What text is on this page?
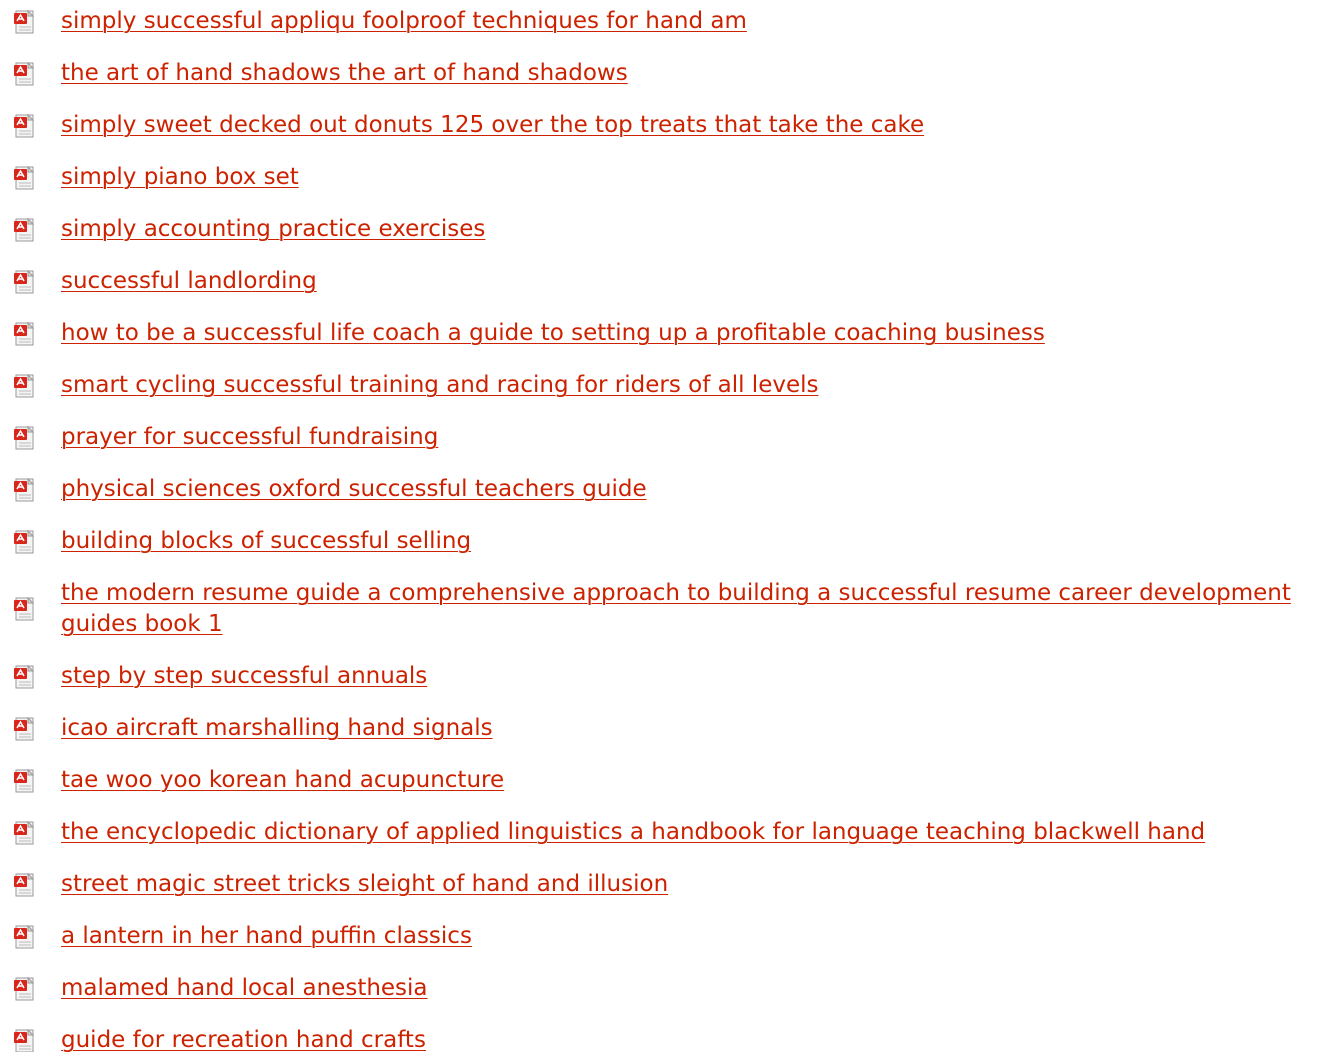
simply successful appliqu foolproof techniques for hand am
the art of hand shadows the art of hand shadows
simply sweet decked out donuts 125 over the top treats that take the cake
simply piano box set
simply accounting practice exercises
successful landlording
how to be a successful life coach a guide to setting up a profitable coaching business
smart cycling successful training and racing for riders of all levels
prayer for successful fundraising
physical sciences oxford successful teachers guide
building blocks of successful selling
the modern resume guide a comprehensive approach to building a successful resume career development guides book 1
step by step successful annuals
icao aircraft marshalling hand signals
tae woo yoo korean hand acupuncture
the encyclopedic dictionary of applied linguistics a handbook for language teaching blackwell hand
street magic street tricks sleight of hand and illusion
a lantern in her hand puffin classics
malamed hand local anesthesia
guide for recreation hand crafts
